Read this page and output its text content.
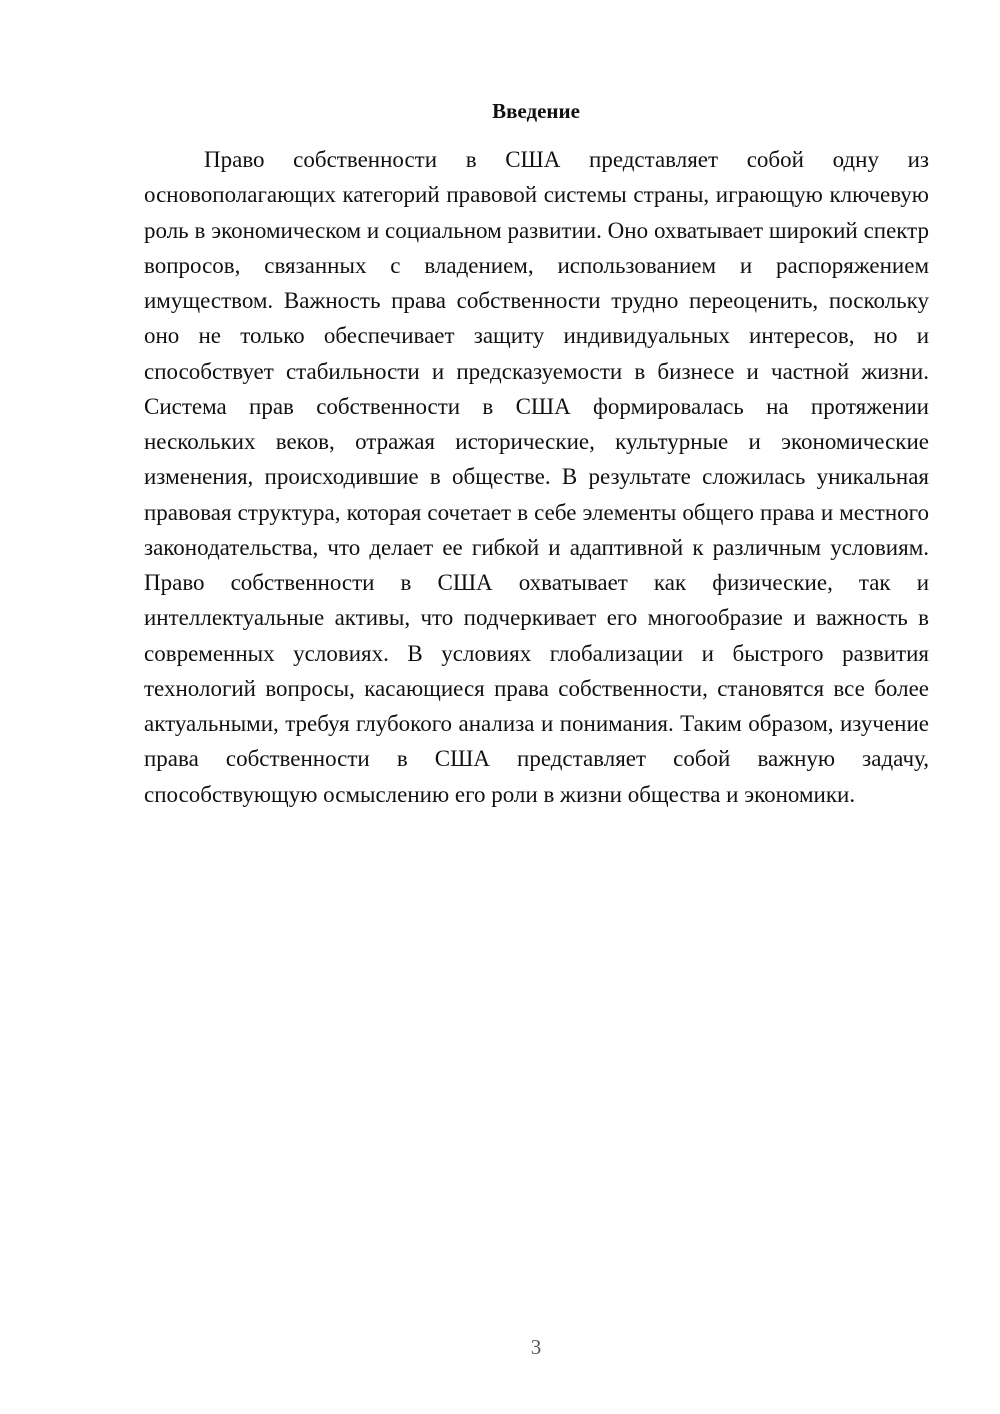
Введение

Право собственности в США представляет собой одну из основополагающих категорий правовой системы страны, играющую ключевую роль в экономическом и социальном развитии. Оно охватывает широкий спектр вопросов, связанных с владением, использованием и распоряжением имуществом. Важность права собственности трудно переоценить, поскольку оно не только обеспечивает защиту индивидуальных интересов, но и способствует стабильности и предсказуемости в бизнесе и частной жизни. Система прав собственности в США формировалась на протяжении нескольких веков, отражая исторические, культурные и экономические изменения, происходившие в обществе. В результате сложилась уникальная правовая структура, которая сочетает в себе элементы общего права и местного законодательства, что делает ее гибкой и адаптивной к различным условиям. Право собственности в США охватывает как физические, так и интеллектуальные активы, что подчеркивает его многообразие и важность в современных условиях. В условиях глобализации и быстрого развития технологий вопросы, касающиеся права собственности, становятся все более актуальными, требуя глубокого анализа и понимания. Таким образом, изучение права собственности в США представляет собой важную задачу, способствующую осмыслению его роли в жизни общества и экономики.

3
